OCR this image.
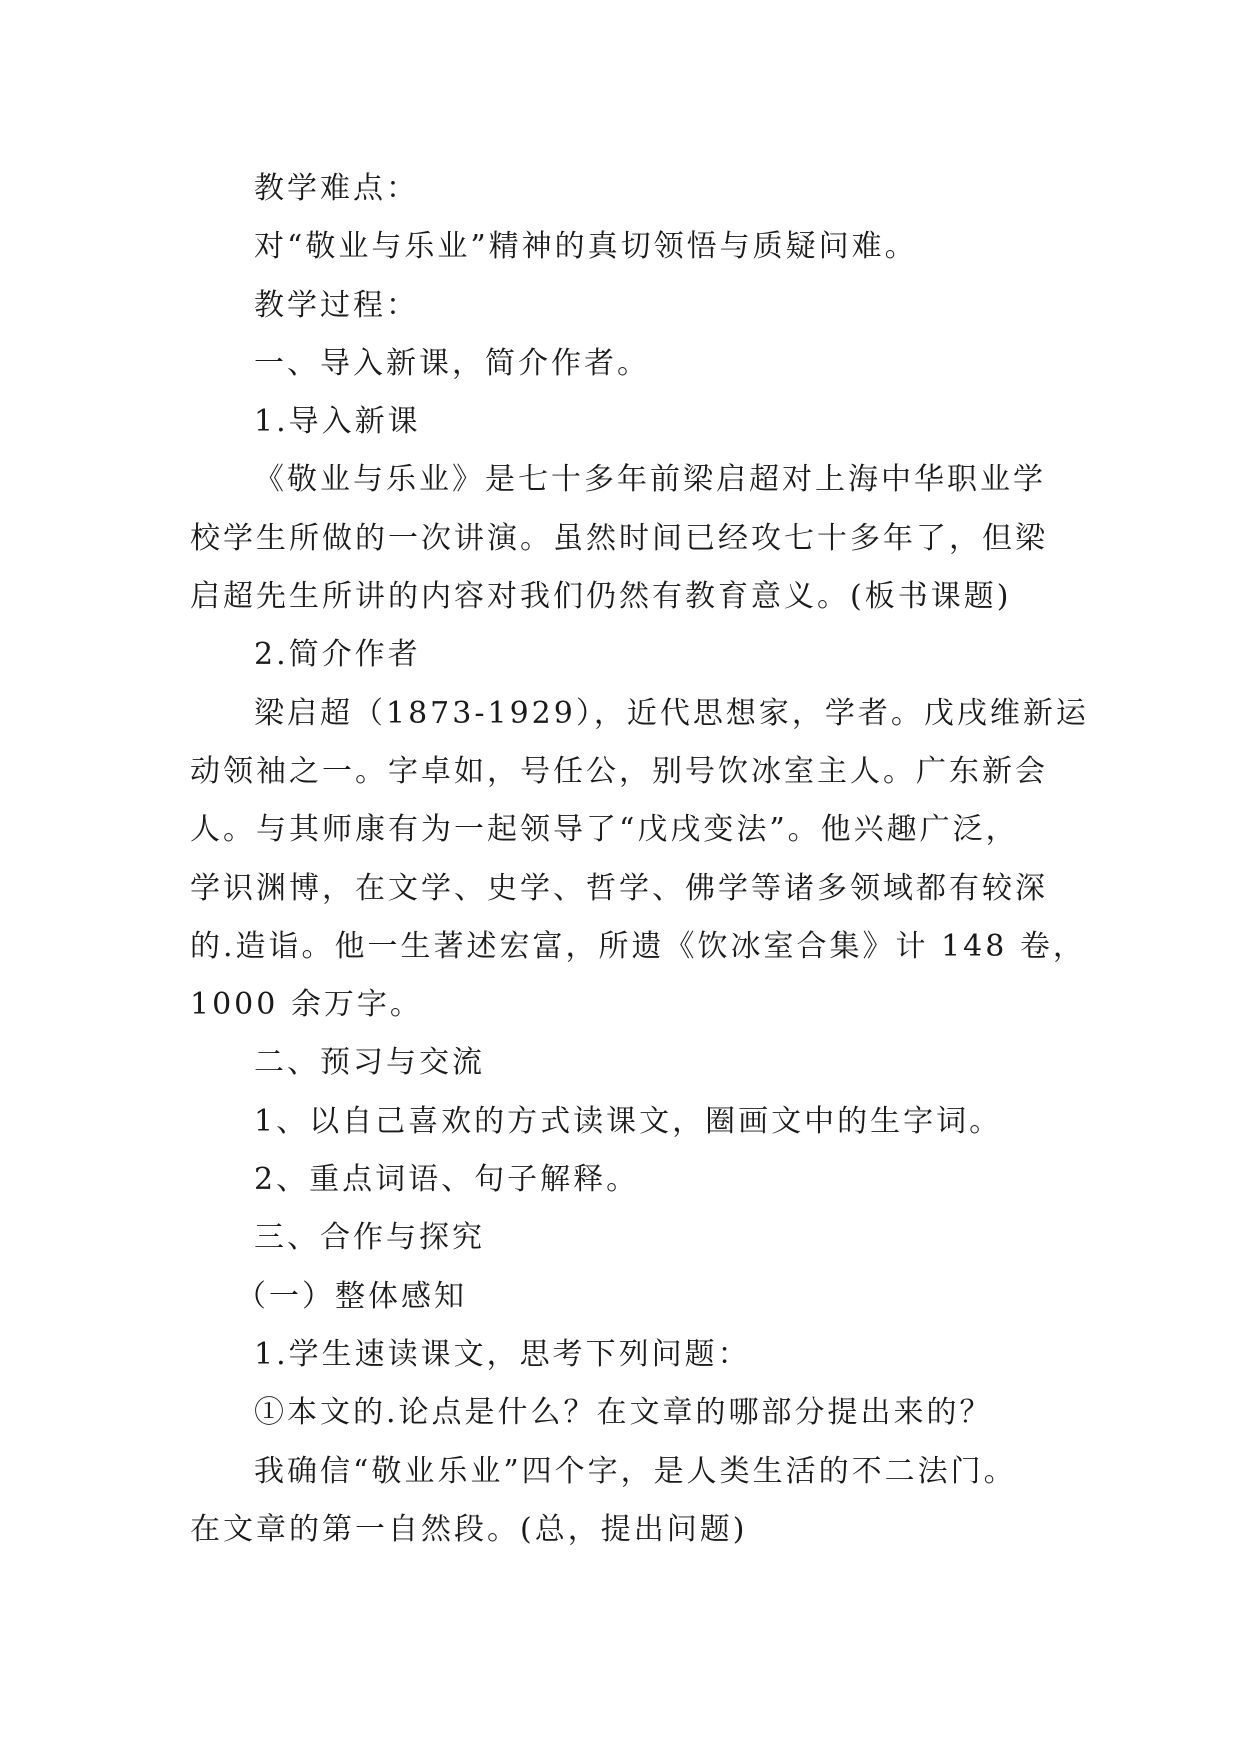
教学难点：
对“敬业与乐业”精神的真切领悟与质疑问难。
教学过程：
一、导入新课，简介作者。
1.导入新课
《敬业与乐业》是七十多年前梁启超对上海中华职业学
校学生所做的一次讲演。虽然时间已经攻七十多年了，但梁
启超先生所讲的内容对我们仍然有教育意义。(板书课题)
2.简介作者
梁启超（1873-1929），近代思想家，学者。戊戌维新运
动领袖之一。字卓如，号任公，别号饮冰室主人。广东新会
人。与其师康有为一起领导了“戊戌变法”。他兴趣广泛，
学识渊博，在文学、史学、哲学、佛学等诸多领域都有较深
的.造诣。他一生著述宏富，所遗《饮冰室合集》计 148 卷，
1000 余万字。
二、预习与交流
1、以自己喜欢的方式读课文，圈画文中的生字词。
2、重点词语、句子解释。
三、合作与探究
（一）整体感知
1.学生速读课文，思考下列问题：
①本文的.论点是什么？在文章的哪部分提出来的？
我确信“敬业乐业”四个字，是人类生活的不二法门。
在文章的第一自然段。(总，提出问题)
